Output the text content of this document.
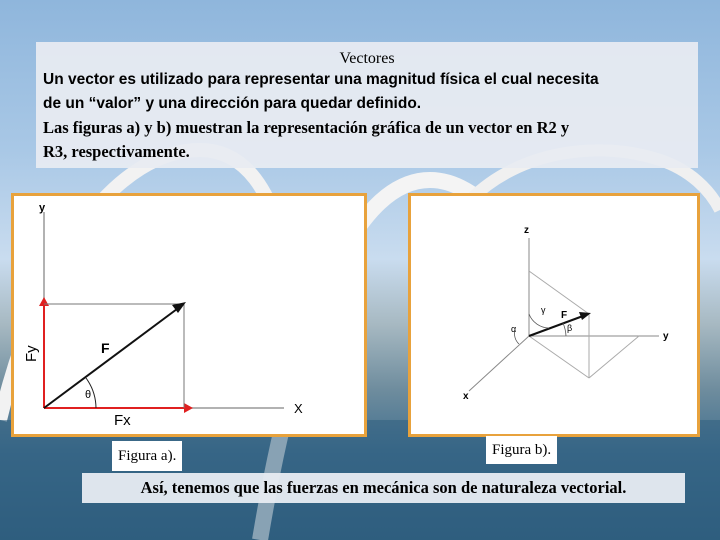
Vectores
Un vector es utilizado para representar una magnitud física el cual necesita
de un “valor” y una dirección para quedar definido.
Las figuras a) y b) muestran la representación gráfica de un vector en R2 y
R3, respectivamente.
y
X
F
Fx
Fy
θ
Figura a).
z
y
x
F
γ
β
α
Figura b).
Así, tenemos que las fuerzas en mecánica son de naturaleza vectorial.
